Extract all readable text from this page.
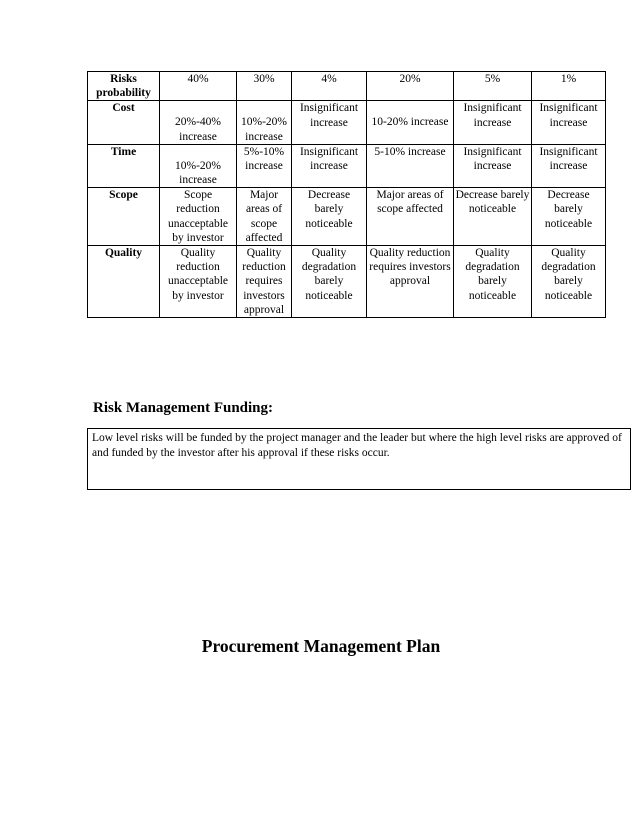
Risks probability	40%	30%	4%	20%	5%	1%
Cost	20%-40% increase	10%-20% increase	Insignificant increase	10-20% increase	Insignificant increase	Insignificant increase
Time	10%-20% increase	5%-10% increase	Insignificant increase	5-10% increase	Insignificant increase	Insignificant increase
Scope	Scope reduction unacceptable by investor	Major areas of scope affected	Decrease barely noticeable	Major areas of scope affected	Decrease barely noticeable	Decrease barely noticeable
Quality	Quality reduction unacceptable by investor	Quality reduction requires investors approval	Quality degradation barely noticeable	Quality reduction requires investors approval	Quality degradation barely noticeable	Quality degradation barely noticeable
Risk Management Funding:
Low level risks will be funded by the project manager and the leader but where the high level risks are approved of and funded by the investor after his approval if these risks occur.
Procurement Management Plan
